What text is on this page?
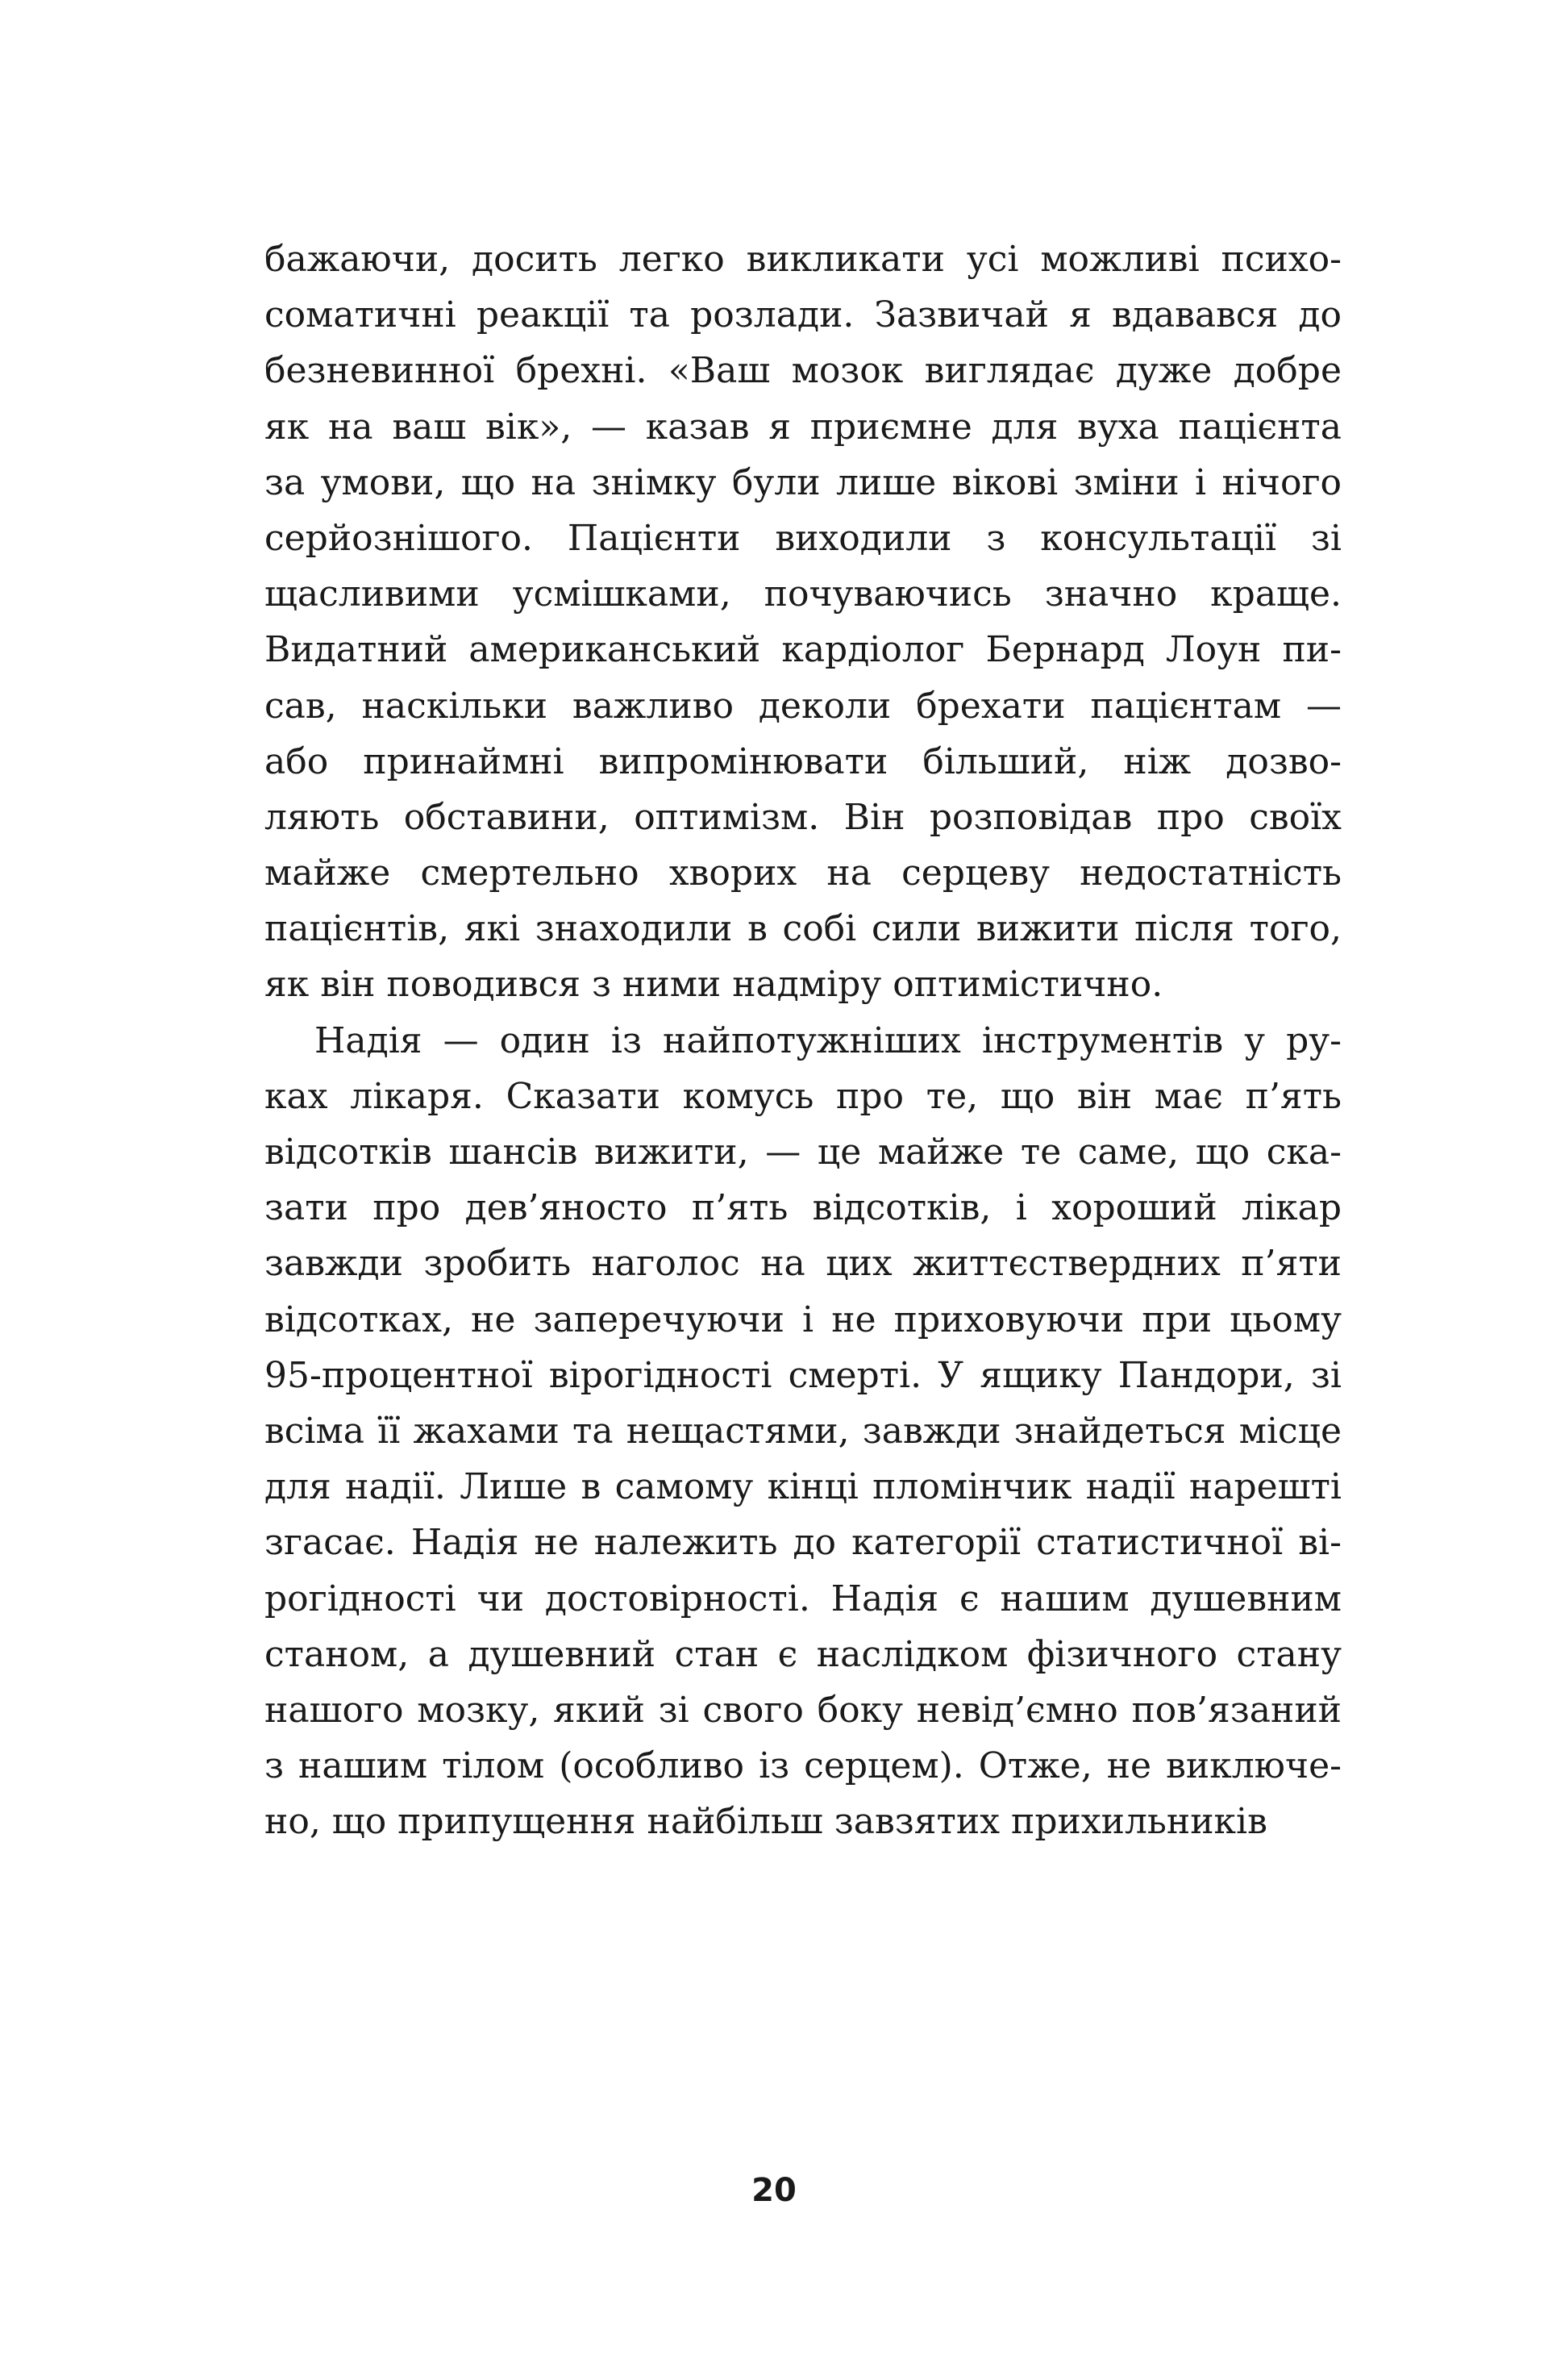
бажаючи, досить легко викликати усі можливі психо-
соматичні реакції та розлади. Зазвичай я вдавався до
безневинної брехні. «Ваш мозок виглядає дуже добре
як на ваш вік», — казав я приємне для вуха пацієнта
за умови, що на знімку були лише вікові зміни і нічого
серйознішого. Пацієнти виходили з консультації зі
щасливими усмішками, почуваючись значно краще.
Видатний американський кардіолог Бернард Лоун пи-
сав, наскільки важливо деколи брехати пацієнтам —
або принаймні випромінювати більший, ніж дозво-
ляють обставини, оптимізм. Він розповідав про своїх
майже смертельно хворих на серцеву недостатність
пацієнтів, які знаходили в собі сили вижити після того,
як він поводився з ними надміру оптимістично.
Надія — один із найпотужніших інструментів у ру-
ках лікаря. Сказати комусь про те, що він має п’ять
відсотків шансів вижити, — це майже те саме, що ска-
зати про дев’яносто п’ять відсотків, і хороший лікар
завжди зробить наголос на цих життєствердних п’яти
відсотках, не заперечуючи і не приховуючи при цьому
95-процентної вірогідності смерті. У ящику Пандори, зі
всіма її жахами та нещастями, завжди знайдеться місце
для надії. Лише в самому кінці пломінчик надії нарешті
згасає. Надія не належить до категорії статистичної ві-
рогідності чи достовірності. Надія є нашим душевним
станом, а душевний стан є наслідком фізичного стану
нашого мозку, який зі свого боку невід’ємно пов’язаний
з нашим тілом (особливо із серцем). Отже, не виключе-
но, що припущення найбільш завзятих прихильників
20
